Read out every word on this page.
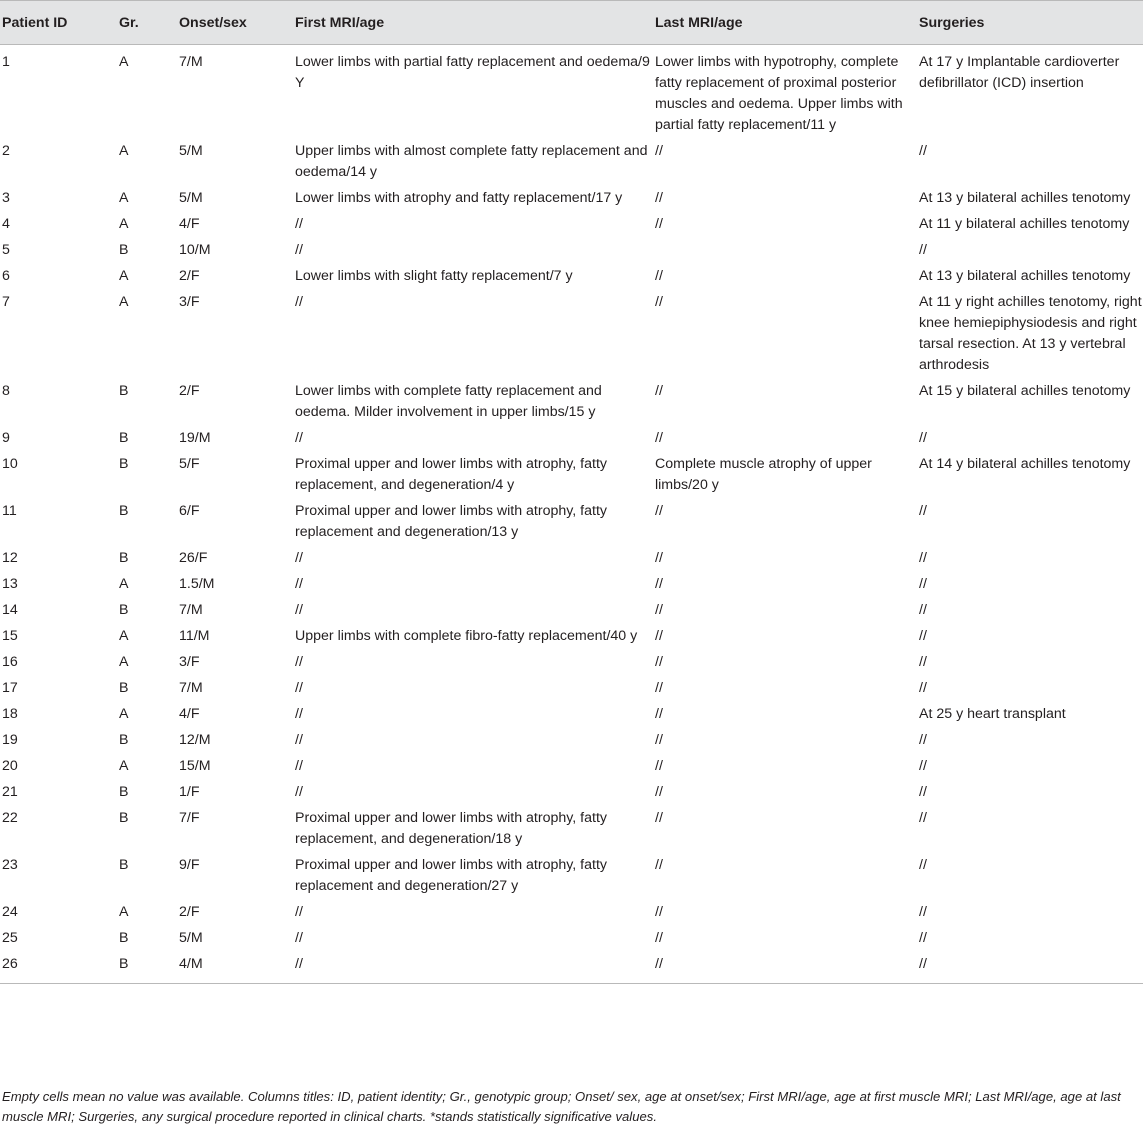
Patient ID	Gr.	Onset/sex	First MRI/age	Last MRI/age	Surgeries
1	A	7/M	Lower limbs with partial fatty replacement and oedema/9 Y	Lower limbs with hypotrophy, complete fatty replacement of proximal posterior muscles and oedema. Upper limbs with partial fatty replacement/11 y	At 17 y Implantable cardioverter defibrillator (ICD) insertion
2	A	5/M	Upper limbs with almost complete fatty replacement and oedema/14 y	//	//
3	A	5/M	Lower limbs with atrophy and fatty replacement/17 y	//	At 13 y bilateral achilles tenotomy
4	A	4/F	//	//	At 11 y bilateral achilles tenotomy
5	B	10/M	//		//
6	A	2/F	Lower limbs with slight fatty replacement/7 y	//	At 13 y bilateral achilles tenotomy
7	A	3/F	//	//	At 11 y right achilles tenotomy, right knee hemiepiphysiodesis and right tarsal resection. At 13 y vertebral arthrodesis
8	B	2/F	Lower limbs with complete fatty replacement and oedema. Milder involvement in upper limbs/15 y	//	At 15 y bilateral achilles tenotomy
9	B	19/M	//	//	//
10	B	5/F	Proximal upper and lower limbs with atrophy, fatty replacement, and degeneration/4 y	Complete muscle atrophy of upper limbs/20 y	At 14 y bilateral achilles tenotomy
11	B	6/F	Proximal upper and lower limbs with atrophy, fatty replacement and degeneration/13 y	//	//
12	B	26/F	//	//	//
13	A	1.5/M	//	//	//
14	B	7/M	//	//	//
15	A	11/M	Upper limbs with complete fibro-fatty replacement/40 y	//	//
16	A	3/F	//	//	//
17	B	7/M	//	//	//
18	A	4/F	//	//	At 25 y heart transplant
19	B	12/M	//	//	//
20	A	15/M	//	//	//
21	B	1/F	//	//	//
22	B	7/F	Proximal upper and lower limbs with atrophy, fatty replacement, and degeneration/18 y	//	//
23	B	9/F	Proximal upper and lower limbs with atrophy, fatty replacement and degeneration/27 y	//	//
24	A	2/F	//	//	//
25	B	5/M	//	//	//
26	B	4/M	//	//	//
Empty cells mean no value was available. Columns titles: ID, patient identity; Gr., genotypic group; Onset/ sex, age at onset/sex; First MRI/age, age at first muscle MRI; Last MRI/age, age at last muscle MRI; Surgeries, any surgical procedure reported in clinical charts. *stands statistically significative values.
